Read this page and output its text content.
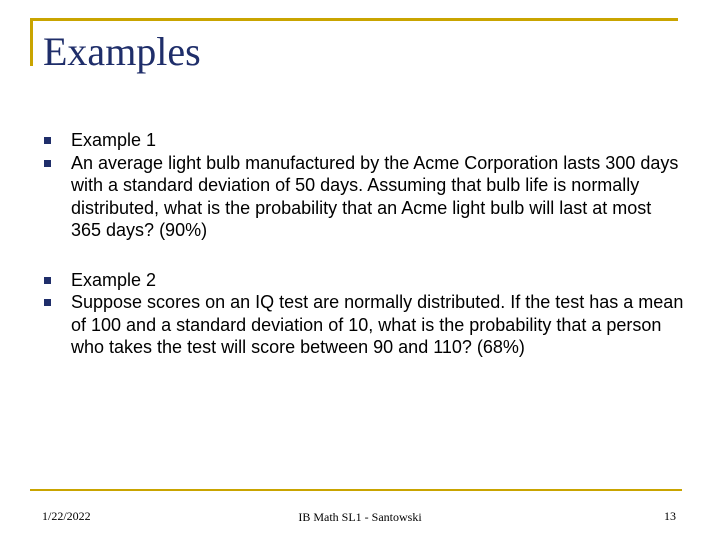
Examples
Example 1
An average light bulb manufactured by the Acme Corporation lasts 300 days with a standard deviation of 50 days. Assuming that bulb life is normally distributed, what is the probability that an Acme light bulb will last at most 365 days? (90%)
Example 2
Suppose scores on an IQ test are normally distributed. If the test has a mean of 100 and a standard deviation of 10, what is the probability that a person who takes the test will score between 90 and 110? (68%)
1/22/2022	IB Math SL1 - Santowski	13
